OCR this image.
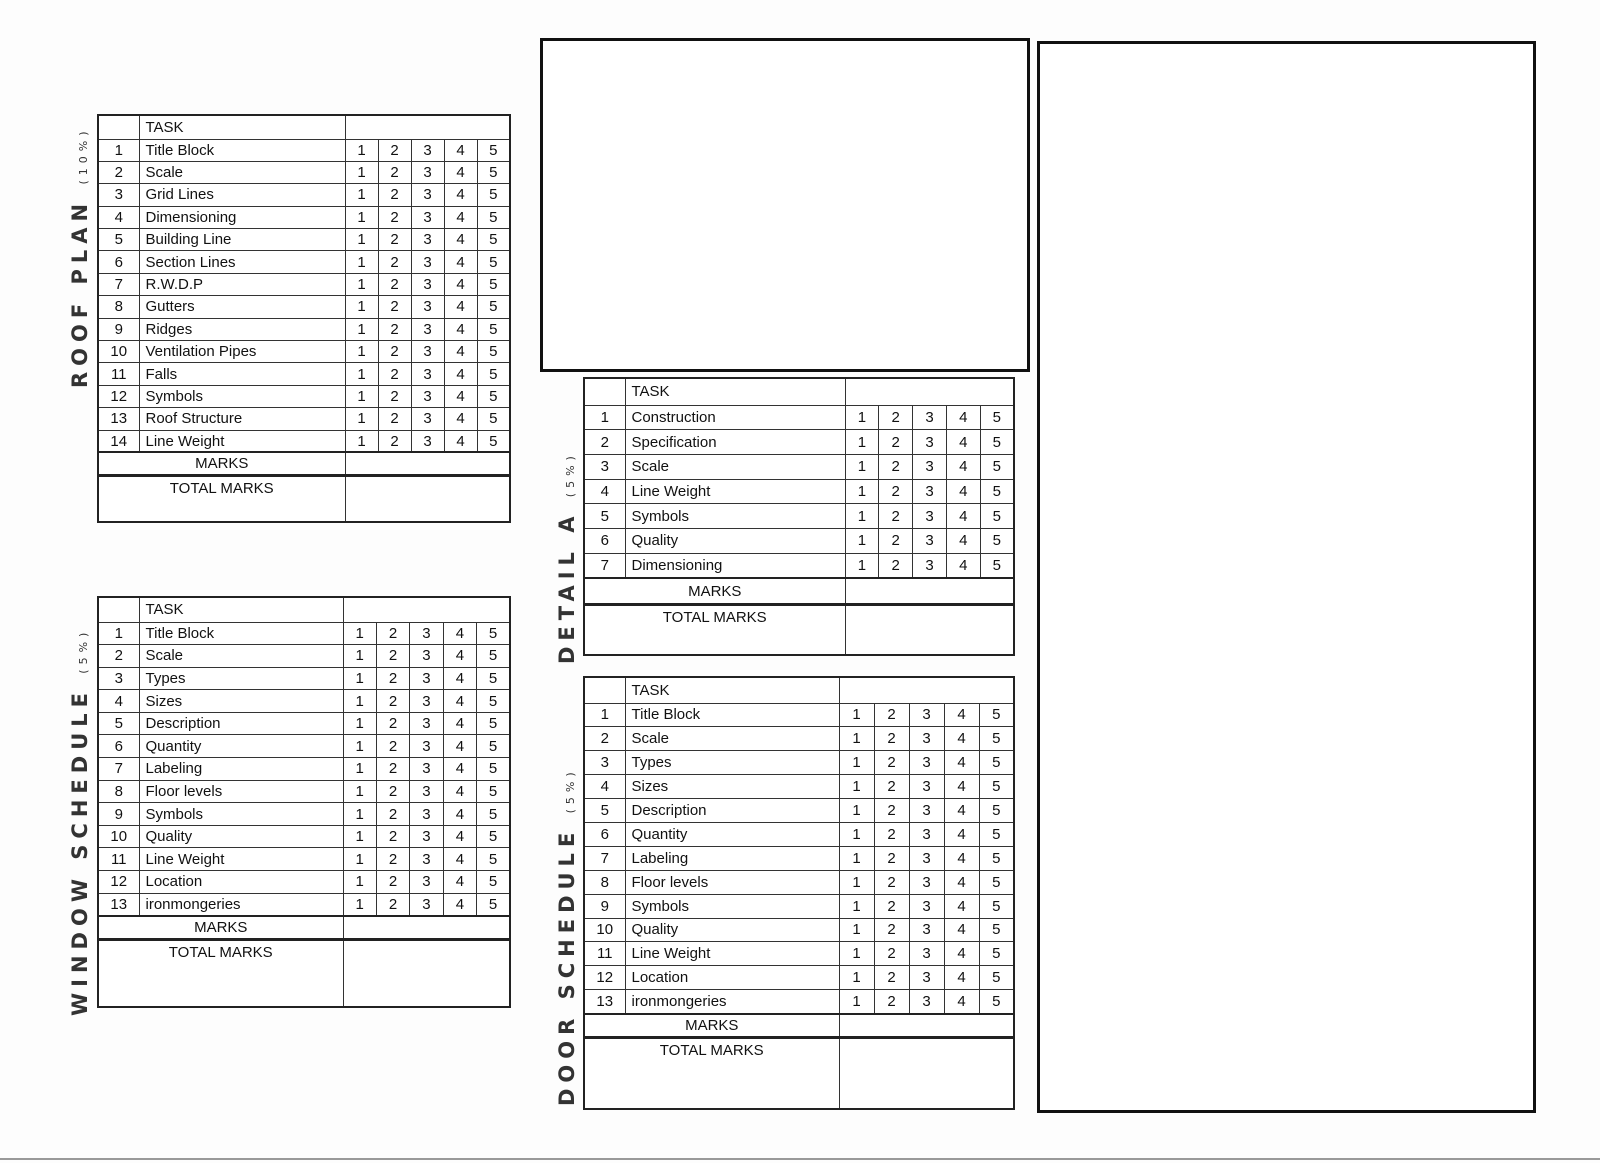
ROOF PLAN (10%)
WINDOW SCHEDULE (5%)	DETAIL A (5%)
DOOR SCHEDULE (5%)
	TASK					
1	Title Block	1	2	3	4	5
2	Scale	1	2	3	4	5
3	Grid Lines	1	2	3	4	5
4	Dimensioning	1	2	3	4	5
5	Building Line	1	2	3	4	5
6	Section Lines	1	2	3	4	5
7	R.W.D.P	1	2	3	4	5
8	Gutters	1	2	3	4	5
9	Ridges	1	2	3	4	5
10	Ventilation Pipes	1	2	3	4	5
11	Falls	1	2	3	4	5
12	Symbols	1	2	3	4	5
13	Roof Structure	1	2	3	4	5
14	Line Weight	1	2	3	4	5
MARKS						
TOTAL MARKS						
	TASK					
1	Title Block	1	2	3	4	5
2	Scale	1	2	3	4	5
3	Types	1	2	3	4	5
4	Sizes	1	2	3	4	5
5	Description	1	2	3	4	5
6	Quantity	1	2	3	4	5
7	Labeling	1	2	3	4	5
8	Floor levels	1	2	3	4	5
9	Symbols	1	2	3	4	5
10	Quality	1	2	3	4	5
11	Line Weight	1	2	3	4	5
12	Location	1	2	3	4	5
13	ironmongeries	1	2	3	4	5
MARKS						
TOTAL MARKS						
	TASK					
1	Construction	1	2	3	4	5
2	Specification	1	2	3	4	5
3	Scale	1	2	3	4	5
4	Line Weight	1	2	3	4	5
5	Symbols	1	2	3	4	5
6	Quality	1	2	3	4	5
7	Dimensioning	1	2	3	4	5
MARKS						
TOTAL MARKS						
	TASK					
1	Title Block	1	2	3	4	5
2	Scale	1	2	3	4	5
3	Types	1	2	3	4	5
4	Sizes	1	2	3	4	5
5	Description	1	2	3	4	5
6	Quantity	1	2	3	4	5
7	Labeling	1	2	3	4	5
8	Floor levels	1	2	3	4	5
9	Symbols	1	2	3	4	5
10	Quality	1	2	3	4	5
11	Line Weight	1	2	3	4	5
12	Location	1	2	3	4	5
13	ironmongeries	1	2	3	4	5
MARKS						
TOTAL MARKS						
